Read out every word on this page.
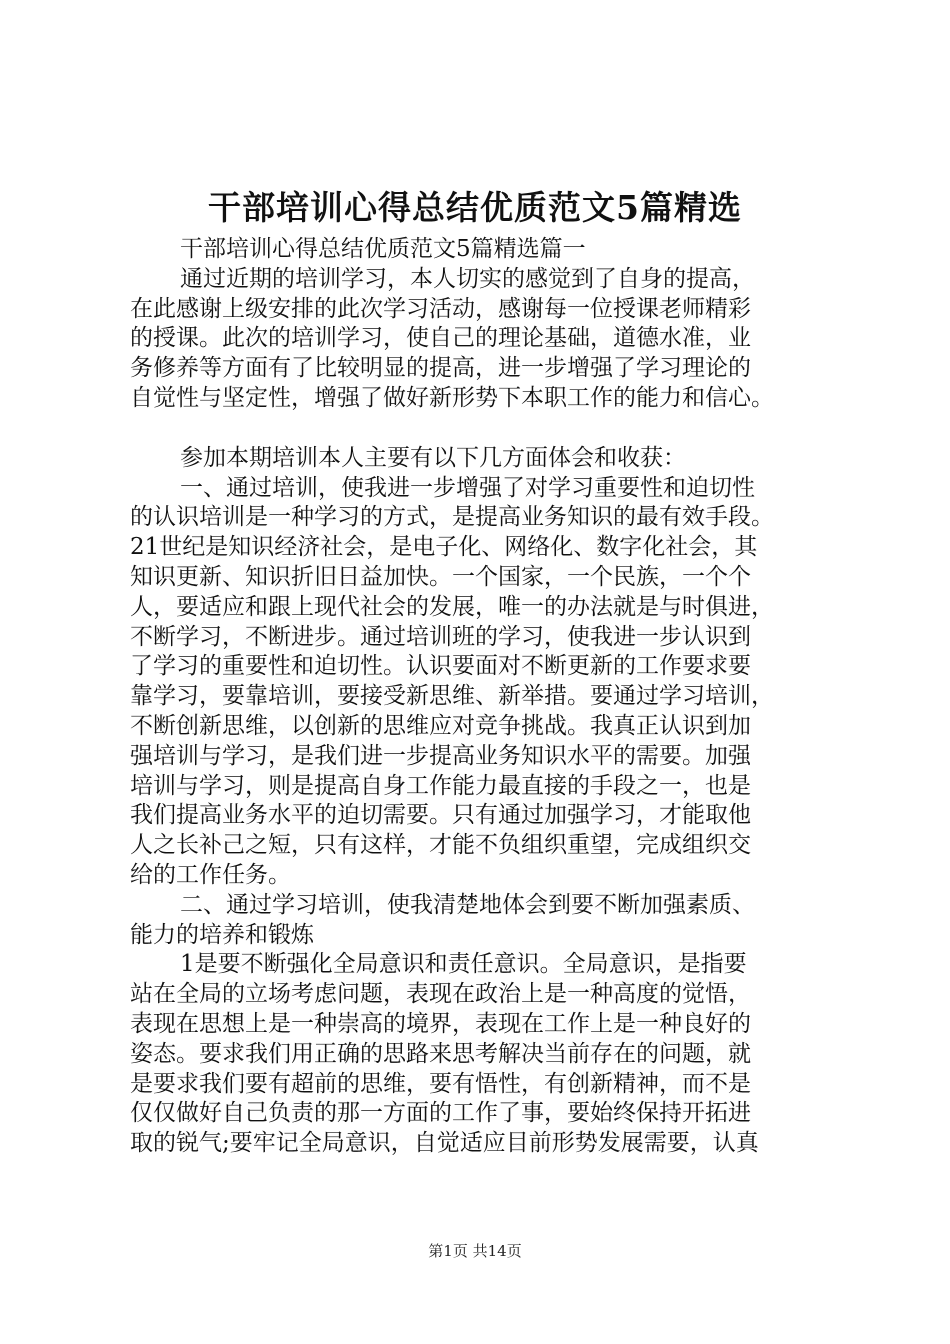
干部培训心得总结优质范文5篇精选
干部培训心得总结优质范文5篇精选篇一
通过近期的培训学习，本人切实的感觉到了自身的提高，
在此感谢上级安排的此次学习活动，感谢每一位授课老师精彩
的授课。此次的培训学习，使自己的理论基础，道德水准，业
务修养等方面有了比较明显的提高，进一步增强了学习理论的
自觉性与坚定性，增强了做好新形势下本职工作的能力和信心。
参加本期培训本人主要有以下几方面体会和收获：
一、通过培训，使我进一步增强了对学习重要性和迫切性
的认识培训是一种学习的方式，是提高业务知识的最有效手段。
21世纪是知识经济社会，是电子化、网络化、数字化社会，其
知识更新、知识折旧日益加快。一个国家，一个民族，一个个
人，要适应和跟上现代社会的发展，唯一的办法就是与时俱进，
不断学习，不断进步。通过培训班的学习，使我进一步认识到
了学习的重要性和迫切性。认识要面对不断更新的工作要求要
靠学习，要靠培训，要接受新思维、新举措。要通过学习培训，
不断创新思维，以创新的思维应对竞争挑战。我真正认识到加
强培训与学习，是我们进一步提高业务知识水平的需要。加强
培训与学习，则是提高自身工作能力最直接的手段之一，也是
我们提高业务水平的迫切需要。只有通过加强学习，才能取他
人之长补己之短，只有这样，才能不负组织重望，完成组织交
给的工作任务。
二、通过学习培训，使我清楚地体会到要不断加强素质、
能力的培养和锻炼
1是要不断强化全局意识和责任意识。全局意识，是指要
站在全局的立场考虑问题，表现在政治上是一种高度的觉悟，
表现在思想上是一种崇高的境界，表现在工作上是一种良好的
姿态。要求我们用正确的思路来思考解决当前存在的问题，就
是要求我们要有超前的思维，要有悟性，有创新精神，而不是
仅仅做好自己负责的那一方面的工作了事，要始终保持开拓进
取的锐气;要牢记全局意识，自觉适应目前形势发展需要，认真
第1页 共14页
